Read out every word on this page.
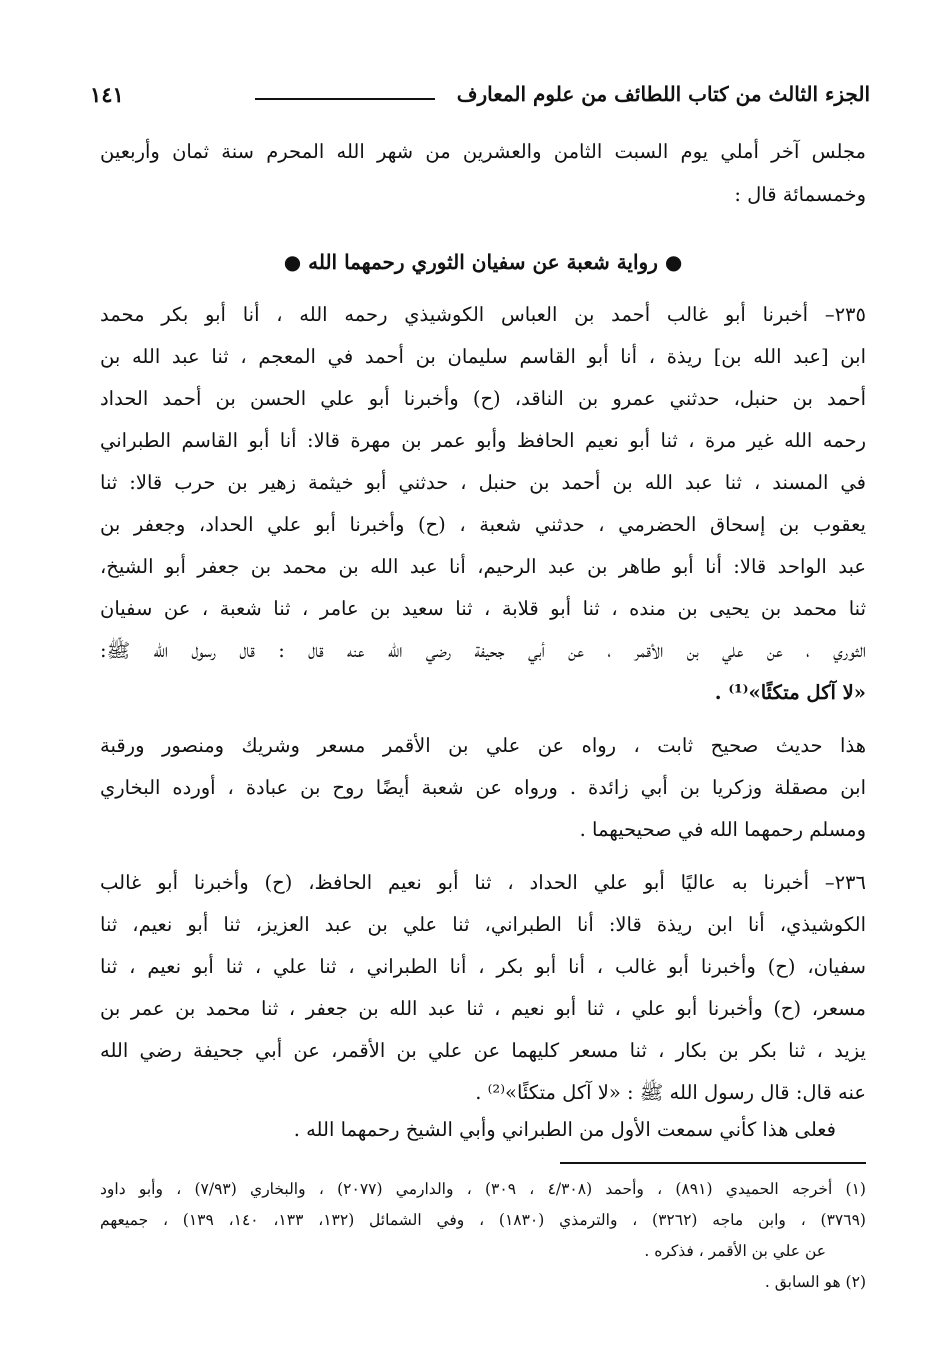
الجزء الثالث من كتاب اللطائف من علوم المعارف
١٤١
مجلس آخر أملي يوم السبت الثامن والعشرين من شهر الله المحرم سنة ثمان وأربعين
وخمسمائة قال :
● رواية شعبة عن سفيان الثوري رحمهما الله ●
٢٣٥– أخبرنا أبو غالب أحمد بن العباس الكوشيذي رحمه الله ، أنا أبو بكر محمد
ابن [عبد الله بن] ريذة ، أنا أبو القاسم سليمان بن أحمد في المعجم ، ثنا عبد الله بن
أحمد بن حنبل، حدثني عمرو بن الناقد، (ح) وأخبرنا أبو علي الحسن بن أحمد الحداد
رحمه الله غير مرة ، ثنا أبو نعيم الحافظ وأبو عمر بن مهرة قالا: أنا أبو القاسم الطبراني
في المسند ، ثنا عبد الله بن أحمد بن حنبل ، حدثني أبو خيثمة زهير بن حرب قالا: ثنا
يعقوب بن إسحاق الحضرمي ، حدثني شعبة ، (ح) وأخبرنا أبو علي الحداد، وجعفر بن
عبد الواحد قالا: أنا أبو طاهر بن عبد الرحيم، أنا عبد الله بن محمد بن جعفر أبو الشيخ،
ثنا محمد بن يحيى بن منده ، ثنا أبو قلابة ، ثنا سعيد بن عامر ، ثنا شعبة ، عن سفيان
الثوري ، عن علي بن الأقمر ، عن أبي جحيفة رضي الله عنه قال : قال رسول الله ﷺ:
«لا آكل متكئًا»⁽¹⁾ .
هذا حديث صحيح ثابت ، رواه عن علي بن الأقمر مسعر وشريك ومنصور ورقبة
ابن مصقلة وزكريا بن أبي زائدة . ورواه عن شعبة أيضًا روح بن عبادة ، أورده البخاري
ومسلم رحمهما الله في صحيحيهما .
٢٣٦– أخبرنا به عاليًا أبو علي الحداد ، ثنا أبو نعيم الحافظ، (ح) وأخبرنا أبو غالب
الكوشيذي، أنا ابن ريذة قالا: أنا الطبراني، ثنا علي بن عبد العزيز، ثنا أبو نعيم، ثنا
سفيان، (ح) وأخبرنا أبو غالب ، أنا أبو بكر ، أنا الطبراني ، ثنا علي ، ثنا أبو نعيم ، ثنا
مسعر، (ح) وأخبرنا أبو علي ، ثنا أبو نعيم ، ثنا عبد الله بن جعفر ، ثنا محمد بن عمر بن
يزيد ، ثنا بكر بن بكار ، ثنا مسعر كليهما عن علي بن الأقمر، عن أبي جحيفة رضي الله
عنه قال: قال رسول الله ﷺ : «لا آكل متكئًا»⁽²⁾ .
فعلى هذا كأني سمعت الأول من الطبراني وأبي الشيخ رحمهما الله .
(١) أخرجه الحميدي (٨٩١) ، وأحمد (٤/٣٠٨ ، ٣٠٩) ، والدارمي (٢٠٧٧) ، والبخاري (٧/٩٣) ، وأبو داود
(٣٧٦٩) ، وابن ماجه (٣٢٦٢) ، والترمذي (١٨٣٠) ، وفي الشمائل (١٣٢، ١٣٣، ١٤٠، ١٣٩) ، جميعهم
عن علي بن الأقمر ، فذكره .
(٢) هو السابق .
